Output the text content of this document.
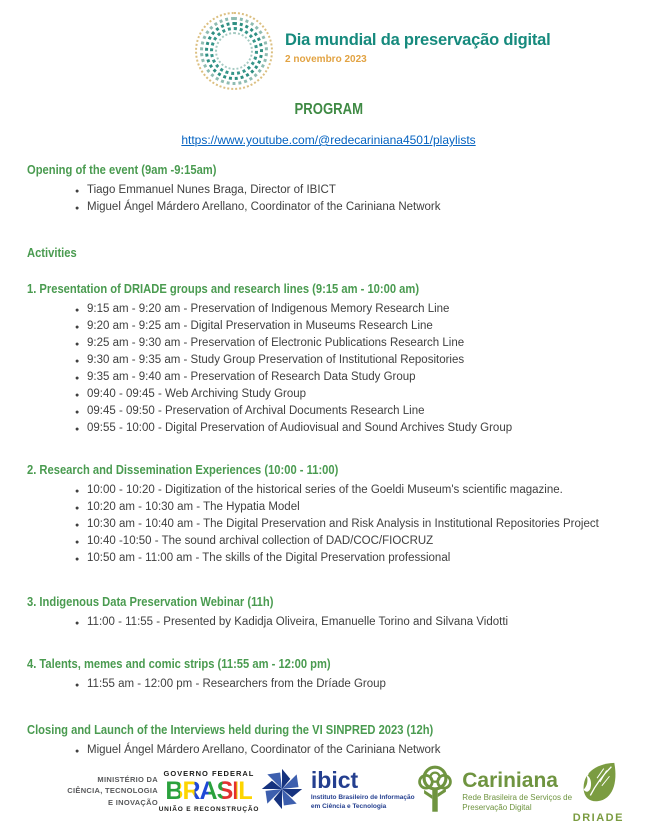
Dia mundial da preservação digital
2 novembro 2023
PROGRAM
https://www.youtube.com/@redecariniana4501/playlists
Opening of the event (9am -9:15am)
● Tiago Emmanuel Nunes Braga, Director of IBICT
● Miguel Ángel Márdero Arellano, Coordinator of the Cariniana Network
Activities
1. Presentation of DRIADE groups and research lines (9:15 am - 10:00 am)
● 9:15 am - 9:20 am - Preservation of Indigenous Memory Research Line
● 9:20 am - 9:25 am - Digital Preservation in Museums Research Line
● 9:25 am - 9:30 am - Preservation of Electronic Publications Research Line
● 9:30 am - 9:35 am - Study Group Preservation of Institutional Repositories
● 9:35 am - 9:40 am - Preservation of Research Data Study Group
● 09:40 - 09:45 - Web Archiving Study Group
● 09:45 - 09:50 - Preservation of Archival Documents Research Line
● 09:55 - 10:00 - Digital Preservation of Audiovisual and Sound Archives Study Group
2. Research and Dissemination Experiences (10:00 - 11:00)
● 10:00 - 10:20 - Digitization of the historical series of the Goeldi Museum's scientific magazine.
● 10:20 am - 10:30 am - The Hypatia Model
● 10:30 am - 10:40 am - The Digital Preservation and Risk Analysis in Institutional Repositories Project
● 10:40 -10:50 - The sound archival collection of DAD/COC/FIOCRUZ
● 10:50 am - 11:00 am - The skills of the Digital Preservation professional
3. Indigenous Data Preservation Webinar (11h)
● 11:00 - 11:55 - Presented by Kadidja Oliveira, Emanuelle Torino and Silvana Vidotti
4. Talents, memes and comic strips (11:55 am - 12:00 pm)
● 11:55 am - 12:00 pm - Researchers from the Dríade Group
Closing and Launch of the Interviews held during the VI SINPRED 2023 (12h)
● Miguel Ángel Márdero Arellano, Coordinator of the Cariniana Network
MINISTÉRIO DA
CIÊNCIA, TECNOLOGIA
E INOVAÇÃO
GOVERNO FEDERAL
BRASIL
UNIÃO E RECONSTRUÇÃO
ibict
Instituto Brasileiro de Informação
em Ciência e Tecnologia
Cariniana
Rede Brasileira de Serviços de
Preservação Digital
DRIADE
